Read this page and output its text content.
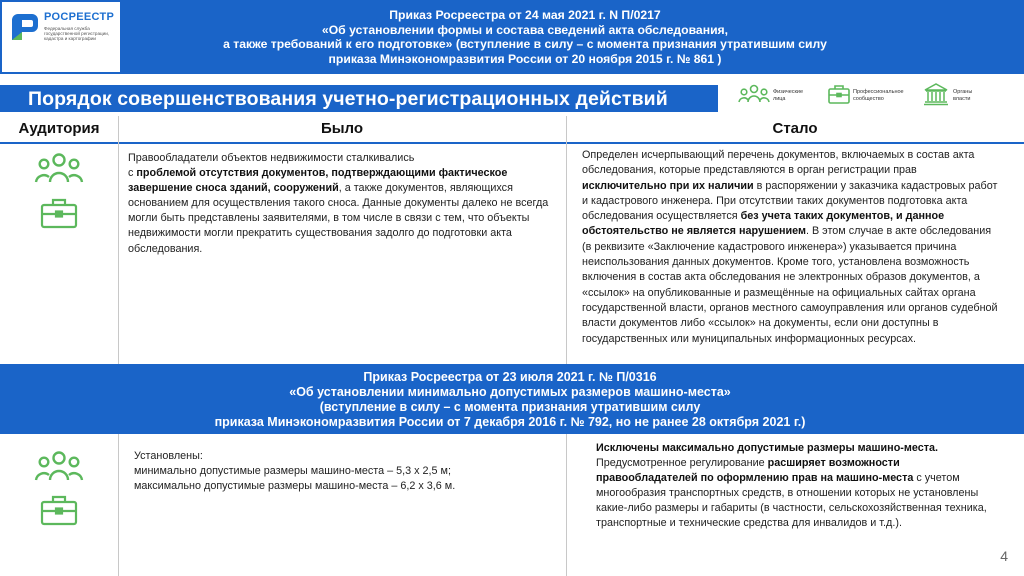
РОСРЕЕСТР
Федеральная служба государственной регистрации, кадастра и картографии
Приказ Росреестра от 24 мая 2021 г. N П/0217
«Об установлении формы и состава сведений акта обследования,
а также требований к его подготовке» (вступление в силу – с момента признания утратившим силу
приказа Минэкономразвития России от 20 ноября 2015 г. № 861 )
Порядок совершенствования учетно-регистрационных действий	Физические лица
Профессиональное сообщество
Органы власти
Аудитория	Было	Стало
Правообладатели объектов недвижимости сталкивались
с проблемой отсутствия документов, подтверждающими фактическое завершение сноса зданий, сооружений, а также документов, являющихся основанием для осуществления такого сноса. Данные документы далеко не всегда могли быть представлены заявителями, в том числе в связи с тем, что объекты недвижимости могли прекратить существования задолго до подготовки акта обследования.
Определен исчерпывающий перечень документов, включаемых в состав акта обследования, которые представляются в орган регистрации прав исключительно при их наличии в распоряжении у заказчика кадастровых работ и кадастрового инженера. При отсутствии таких документов подготовка акта обследования осуществляется без учета таких документов, и данное обстоятельство не является нарушением. В этом случае в акте обследования (в реквизите «Заключение кадастрового инженера») указывается причина неиспользования данных документов. Кроме того, установлена возможность включения в состав акта обследования не электронных образов документов, а «ссылок» на опубликованные и размещённые на официальных сайтах органа государственной власти, органов местного самоуправления или органов судебной власти документов либо «ссылок» на документы, если они доступны в государственных или муниципальных информационных ресурсах.
Приказ Росреестра от 23 июля 2021 г. № П/0316
«Об установлении минимально допустимых размеров машино-места»
(вступление в силу – с момента признания утратившим силу
приказа Минэкономразвития России от 7 декабря 2016 г. № 792, но не ранее 28 октября 2021 г.)
Установлены:
минимально допустимые размеры машино-места – 5,3 х 2,5 м;
максимально допустимые размеры машино-места – 6,2 х 3,6 м.
Исключены максимально допустимые размеры машино-места. Предусмотренное регулирование расширяет возможности правообладателей по оформлению прав на машино-места с учетом многообразия транспортных средств, в отношении которых не установлены какие-либо размеры и габариты (в частности, сельскохозяйственная техника, транспортные и технические средства для инвалидов и т.д.).
4
